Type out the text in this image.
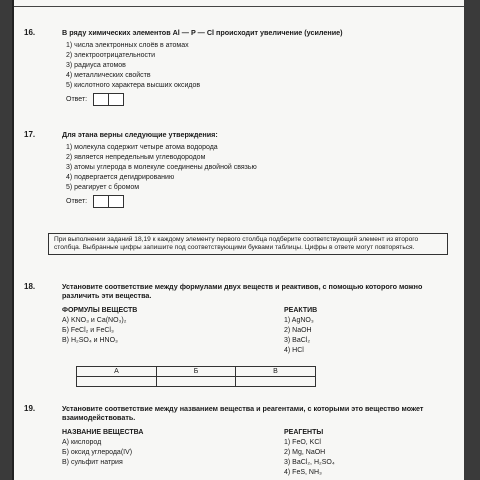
16.	В ряду химических элементов Al — P — Cl происходит увеличение (усиление)
1) числа электронных слоёв в атомах
2) электроотрицательности
3) радиуса атомов
4) металлических свойств
5) кислотного характера высших оксидов
Ответ:
17.	Для этана верны следующие утверждения:
1) молекула содержит четыре атома водорода
2) является непредельным углеводородом
3) атомы углерода в молекуле соединены двойной связью
4) подвергается дегидрированию
5) реагирует с бромом
Ответ:
При выполнении заданий 18,19 к каждому элементу первого столбца подберите соответствующий элемент из второго столбца. Выбранные цифры запишите под соответствующими буквами таблицы. Цифры в ответе могут повторяться.
18.	Установите соответствие между формулами двух веществ и реактивов, с помощью которого можно различить эти вещества.
ФОРМУЛЫ ВЕЩЕСТВ
А) KNO₃ и Ca(NO₃)₂
Б) FeCl₂ и FeCl₃
В) H₂SO₄ и HNO₃
РЕАКТИВ
1) AgNO₃
2) NaOH
3) BaCl₂
4) HCl
А	Б	В

19.	Установите соответствие между названием вещества и реагентами, с которыми это вещество может взаимодействовать.
НАЗВАНИЕ ВЕЩЕСТВА
А) кислород
Б) оксид углерода(IV)
В) сульфит натрия
РЕАГЕНТЫ
1) FeO, KCl
2) Mg, NaOH
3) BaCl₂, H₂SO₄
4) FeS, NH₃
